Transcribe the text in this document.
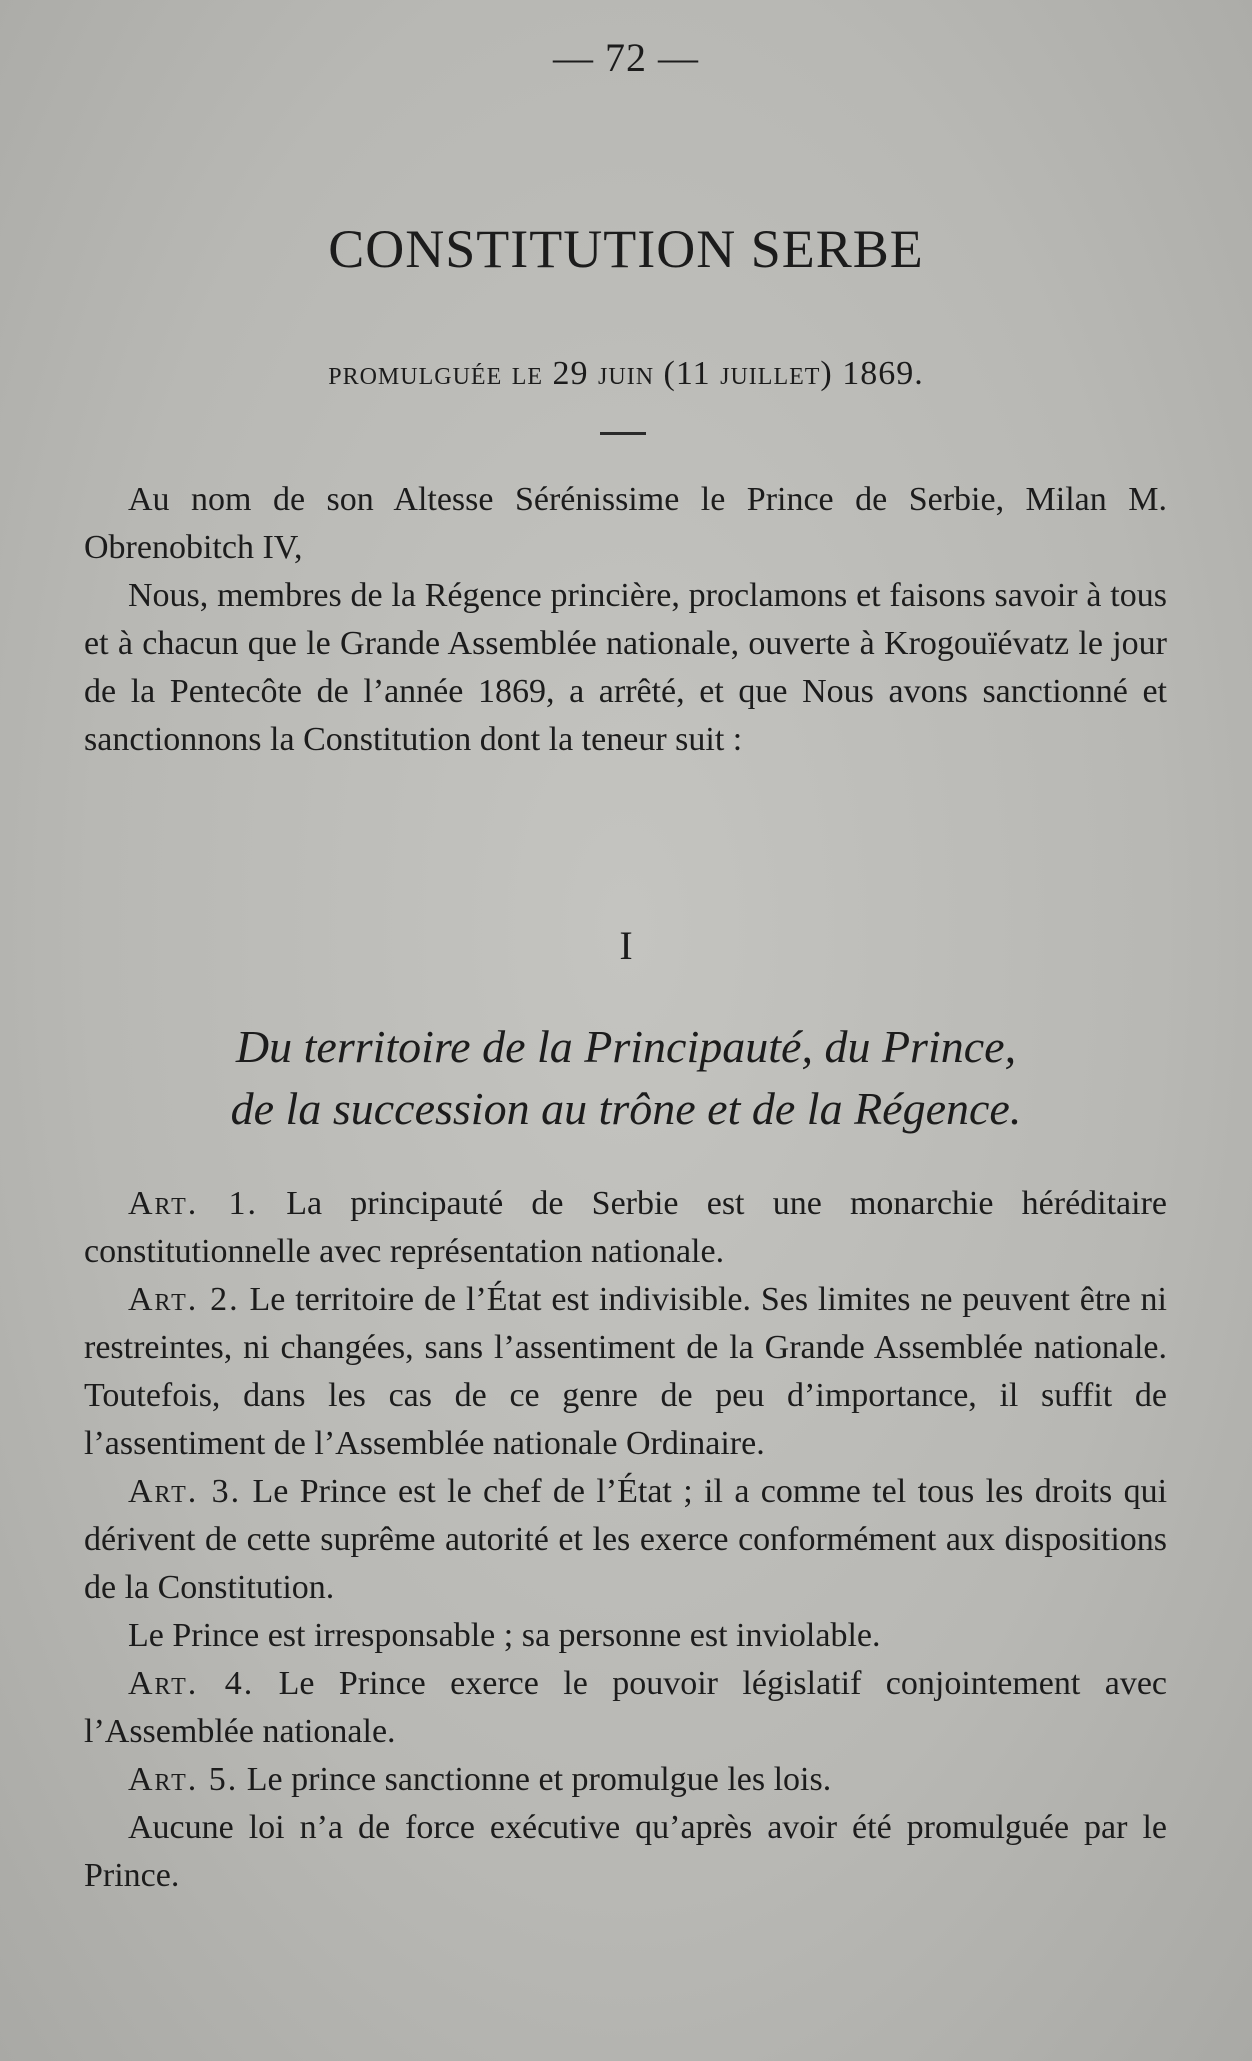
— 72 —
CONSTITUTION SERBE
promulguée le 29 juin (11 juillet) 1869.

Au nom de son Altesse Sérénissime le Prince de Serbie, Milan M. Obrenobitch IV,

Nous, membres de la Régence princière, proclamons et faisons savoir à tous et à chacun que le Grande Assemblée nationale, ouverte à Krogouïévatz le jour de la Pentecôte de l’année 1869, a arrêté, et que Nous avons sanctionné et sanctionnons la Constitution dont la teneur suit :

I
Du territoire de la Principauté, du Prince,
de la succession au trône et de la Régence.

Art. 1. La principauté de Serbie est une monarchie héréditaire constitutionnelle avec représentation nationale.

Art. 2. Le territoire de l’État est indivisible. Ses limites ne peuvent être ni restreintes, ni changées, sans l’assentiment de la Grande Assemblée nationale. Toutefois, dans les cas de ce genre de peu d’importance, il suffit de l’assentiment de l’Assemblée nationale Ordinaire.

Art. 3. Le Prince est le chef de l’État ; il a comme tel tous les droits qui dérivent de cette suprême autorité et les exerce conformément aux dispositions de la Constitution.

Le Prince est irresponsable ; sa personne est inviolable.

Art. 4. Le Prince exerce le pouvoir législatif conjointement avec l’Assemblée nationale.

Art. 5. Le prince sanctionne et promulgue les lois.

Aucune loi n’a de force exécutive qu’après avoir été promulguée par le Prince.
